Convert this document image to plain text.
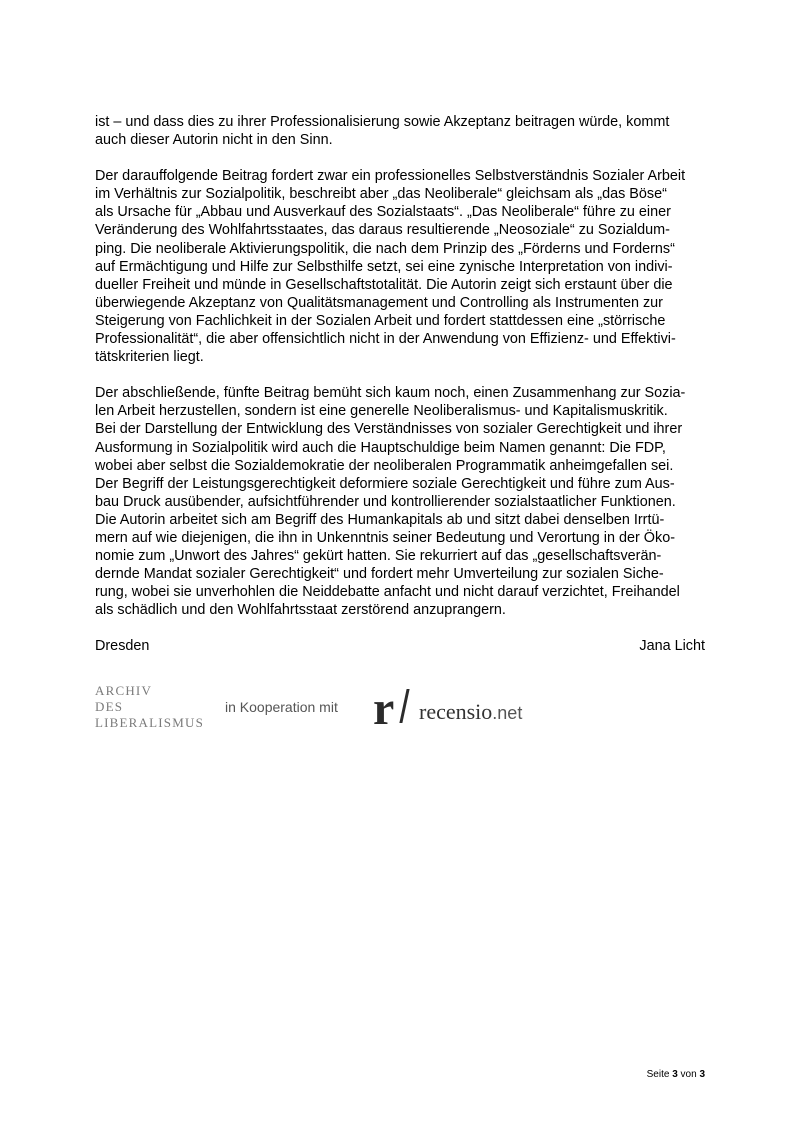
ist – und dass dies zu ihrer Professionalisierung sowie Akzeptanz beitragen würde, kommt
auch dieser Autorin nicht in den Sinn.

Der darauffolgende Beitrag fordert zwar ein professionelles Selbstverständnis Sozialer Arbeit
im Verhältnis zur Sozialpolitik, beschreibt aber „das Neoliberale“ gleichsam als „das Böse“
als Ursache für „Abbau und Ausverkauf des Sozialstaats“. „Das Neoliberale“ führe zu einer
Veränderung des Wohlfahrtsstaates, das daraus resultierende „Neosoziale“ zu Sozialdum-
ping. Die neoliberale Aktivierungspolitik, die nach dem Prinzip des „Förderns und Forderns“
auf Ermächtigung und Hilfe zur Selbsthilfe setzt, sei eine zynische Interpretation von indivi-
dueller Freiheit und münde in Gesellschaftstotalität. Die Autorin zeigt sich erstaunt über die
überwiegende Akzeptanz von Qualitätsmanagement und Controlling als Instrumenten zur
Steigerung von Fachlichkeit in der Sozialen Arbeit und fordert stattdessen eine „störrische
Professionalität“, die aber offensichtlich nicht in der Anwendung von Effizienz- und Effektivi-
tätskriterien liegt.

Der abschließende, fünfte Beitrag bemüht sich kaum noch, einen Zusammenhang zur Sozia-
len Arbeit herzustellen, sondern ist eine generelle Neoliberalismus- und Kapitalismuskritik.
Bei der Darstellung der Entwicklung des Verständnisses von sozialer Gerechtigkeit und ihrer
Ausformung in Sozialpolitik wird auch die Hauptschuldige beim Namen genannt: Die FDP,
wobei aber selbst die Sozialdemokratie der neoliberalen Programmatik anheimgefallen sei.
Der Begriff der Leistungsgerechtigkeit deformiere soziale Gerechtigkeit und führe zum Aus-
bau Druck ausübender, aufsichtführender und kontrollierender sozialstaatlicher Funktionen.
Die Autorin arbeitet sich am Begriff des Humankapitals ab und sitzt dabei denselben Irrtü-
mern auf wie diejenigen, die ihn in Unkenntnis seiner Bedeutung und Verortung in der Öko-
nomie zum „Unwort des Jahres“ gekürt hatten. Sie rekurriert auf das „gesellschaftsverän-
dernde Mandat sozialer Gerechtigkeit“ und fordert mehr Umverteilung zur sozialen Siche-
rung, wobei sie unverhohlen die Neiddebatte anfacht und nicht darauf verzichtet, Freihandel
als schädlich und den Wohlfahrtsstaat zerstörend anzuprangern.

Dresden	Jana Licht
ARCHIV
DES
LIBERALISMUS
in Kooperation mit r recensio.net
Seite 3 von 3
